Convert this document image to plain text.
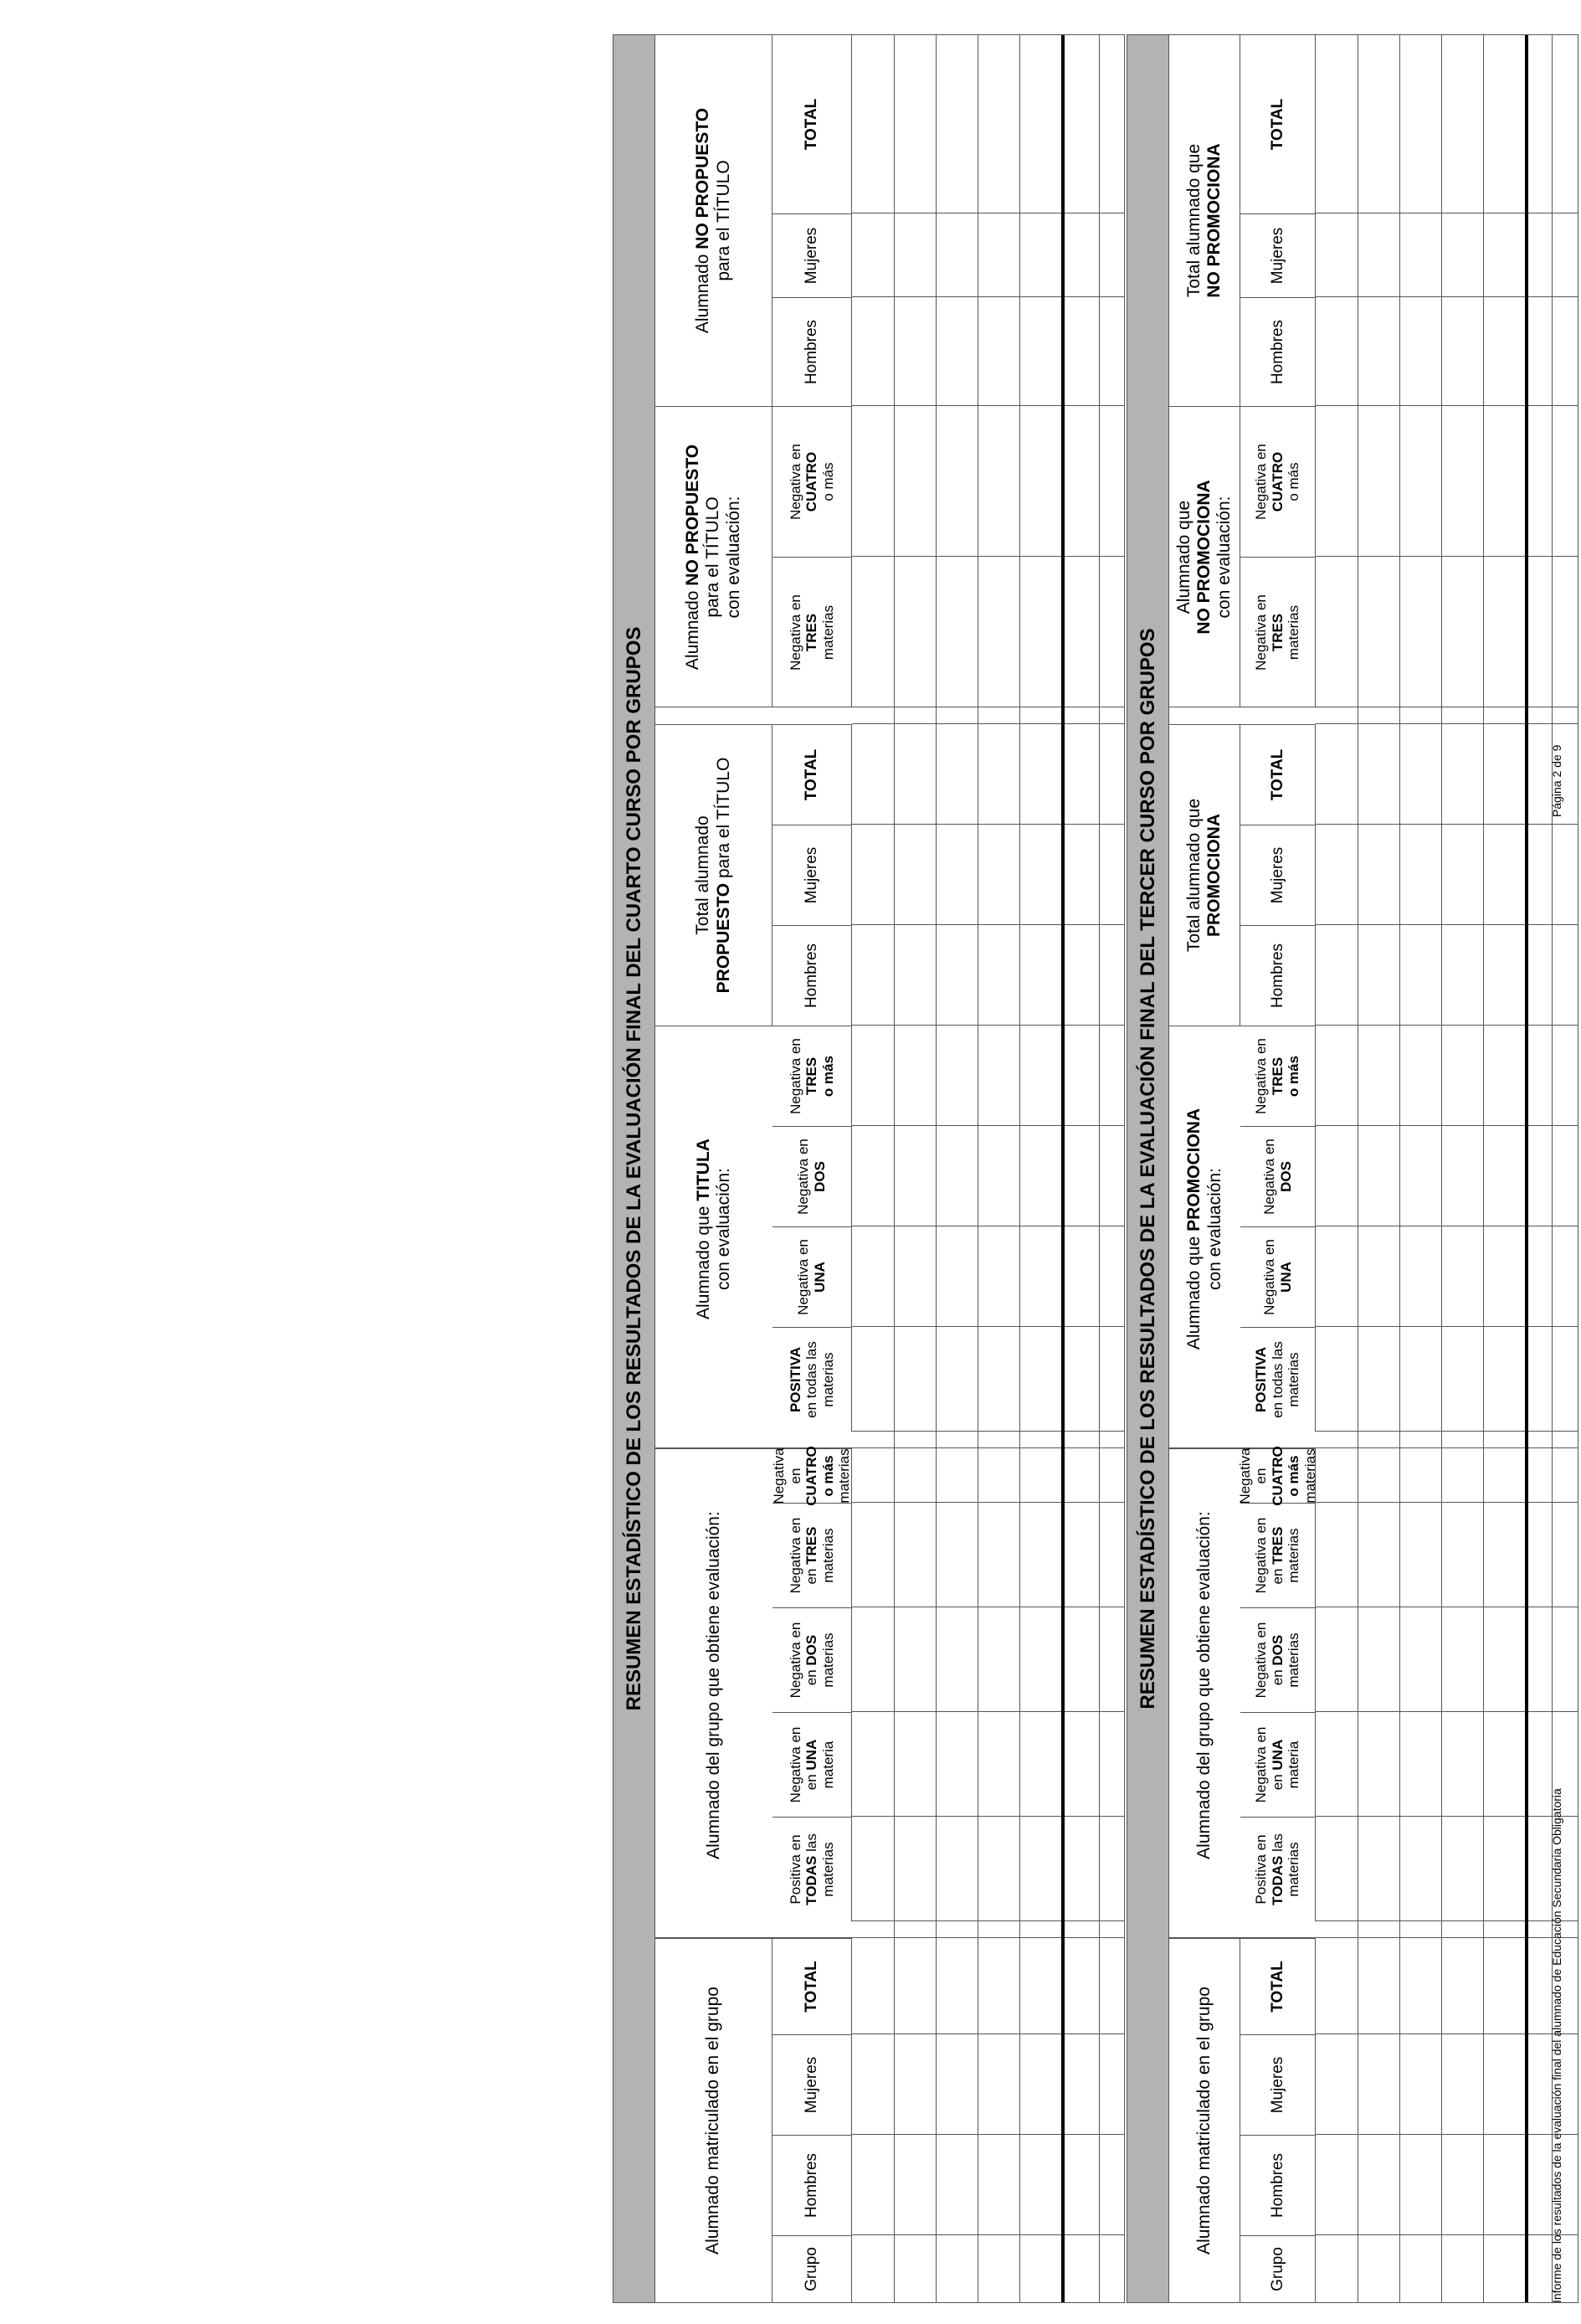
RESUMEN ESTADÍSTICO DE LOS RESULTADOS DE LA EVALUACIÓN FINAL DEL TERCER CURSO POR GRUPOS
Alumnado matriculado en el grupo
Alumnado del grupo que obtiene evaluación:
Alumnado que PROMOCIONA
con evaluación:
Total alumnado que
PROMOCIONA
Alumnado que
NO PROMOCIONA
con evaluación:
Total alumnado que
NO PROMOCIONA
Grupo
Hombres
Mujeres
TOTAL
Positiva en
TODAS las materias
Negativa en
en UNA
materia
Negativa en
en DOS
materias
Negativa en
en TRES
materias
Negativa en
CUATRO o más
materias
POSITIVA
en todas las materias
Negativa en UNA
Negativa en DOS
Negativa en TRES
o más
Hombres
Mujeres
TOTAL
Negativa en
TRES
materias
Negativa en
CUATRO
o más
Hombres
Mujeres
TOTAL
RESUMEN ESTADÍSTICO DE LOS RESULTADOS DE LA EVALUACIÓN FINAL DEL CUARTO CURSO POR GRUPOS
Alumnado matriculado en el grupo
Alumnado del grupo que obtiene evaluación:
Alumnado que TITULA
con evaluación:
Total alumnado
PROPUESTO para el TÍTULO
Alumnado NO PROPUESTO
para el TÍTULO
con evaluación:
Alumnado NO PROPUESTO
para el TÍTULO
Grupo
Hombres
Mujeres
TOTAL
Positiva en
TODAS las materias
Negativa en
en UNA
materia
Negativa en
en DOS
materias
Negativa en
en TRES
materias
Negativa en
CUATRO o más
materias
POSITIVA
en todas las materias
Negativa en UNA
Negativa en DOS
Negativa en TRES
o más
Hombres
Mujeres
TOTAL
Negativa en
TRES
materias
Negativa en
CUATRO
o más
Hombres
Mujeres
TOTAL
Informe de los resultados de la evaluación final del alumnado de Educación Secundaria Obligatoria
Página 2 de 9
